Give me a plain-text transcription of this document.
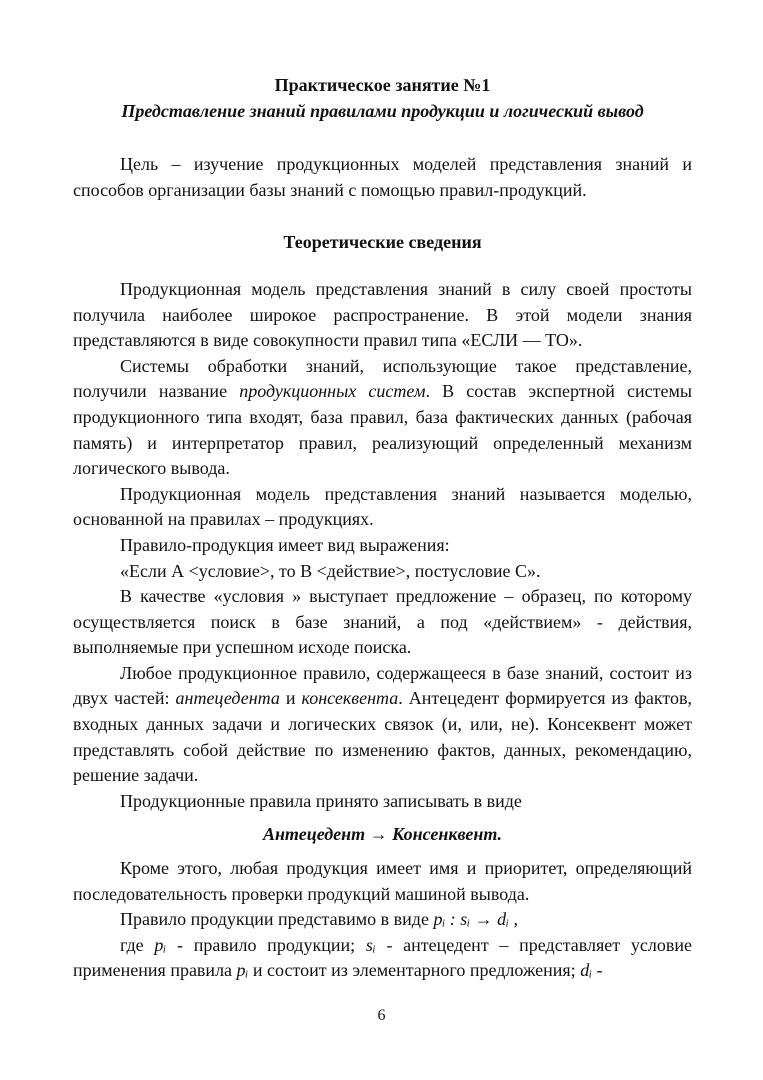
Практическое занятие №1

Представление знаний правилами продукции и логический вывод

Цель – изучение продукционных моделей представления знаний и способов организации базы знаний с помощью правил-продукций.

Теоретические сведения

Продукционная модель представления знаний в силу своей простоты получила наиболее широкое распространение. В этой модели знания представляются в виде совокупности правил типа «ЕСЛИ — ТО».

Системы обработки знаний, использующие такое представление, получили название продукционных систем. В состав экспертной системы продукционного типа входят, база правил, база фактических данных (рабочая память) и интерпретатор правил, реализующий определенный механизм логического вывода.

Продукционная модель представления знаний называется моделью, основанной на правилах – продукциях.

Правило-продукция имеет вид выражения:

«Если А <условие>, то В <действие>, постусловие С».

В качестве «условия » выступает предложение – образец, по которому осуществляется поиск в базе знаний, а под «действием» - действия, выполняемые при успешном исходе поиска.

Любое продукционное правило, содержащееся в базе знаний, состоит из двух частей: антецедента и консеквента. Антецедент формируется из фактов, входных данных задачи и логических связок (и, или, не). Консеквент может представлять собой действие по изменению фактов, данных, рекомендацию, решение задачи.

Продукционные правила принято записывать в виде

Антецедент → Консенквент.

Кроме этого, любая продукция имеет имя и приоритет, определяющий последовательность проверки продукций машиной вывода.

Правило продукции представимо в виде pᵢ : sᵢ → dᵢ ,

где pᵢ - правило продукции; sᵢ - антецедент – представляет условие применения правила pᵢ и состоит из элементарного предложения; dᵢ -

6
